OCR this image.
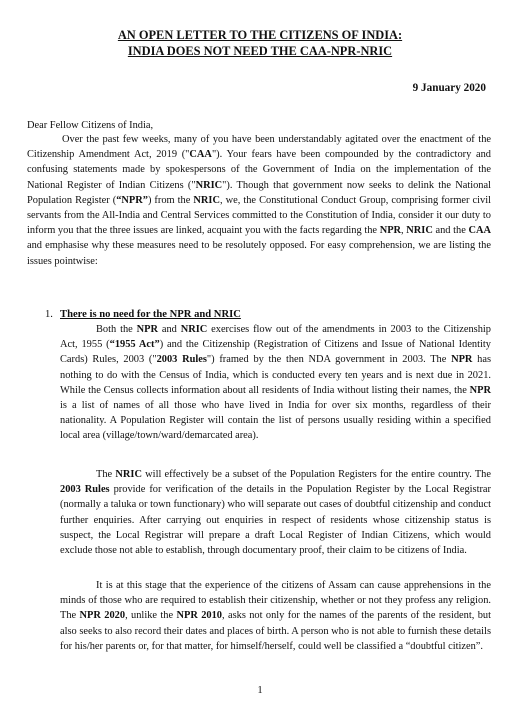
AN OPEN LETTER TO THE CITIZENS OF INDIA:
INDIA DOES NOT NEED THE CAA-NPR-NRIC
9 January 2020
Dear Fellow Citizens of India,

Over the past few weeks, many of you have been understandably agitated over the enactment of the Citizenship Amendment Act, 2019 ("CAA"). Your fears have been compounded by the contradictory and confusing statements made by spokespersons of the Government of India on the implementation of the National Register of Indian Citizens ("NRIC"). Though that government now seeks to delink the National Population Register (“NPR”) from the NRIC, we, the Constitutional Conduct Group, comprising former civil servants from the All-India and Central Services committed to the Constitution of India, consider it our duty to inform you that the three issues are linked, acquaint you with the facts regarding the NPR, NRIC and the CAA and emphasise why these measures need to be resolutely opposed. For easy comprehension, we are listing the issues pointwise:

1. There is no need for the NPR and NRIC

Both the NPR and NRIC exercises flow out of the amendments in 2003 to the Citizenship Act, 1955 (“1955 Act”) and the Citizenship (Registration of Citizens and Issue of National Identity Cards) Rules, 2003 ("2003 Rules") framed by the then NDA government in 2003. The NPR has nothing to do with the Census of India, which is conducted every ten years and is next due in 2021. While the Census collects information about all residents of India without listing their names, the NPR is a list of names of all those who have lived in India for over six months, regardless of their nationality. A Population Register will contain the list of persons usually residing within a specified local area (village/town/ward/demarcated area).

The NRIC will effectively be a subset of the Population Registers for the entire country. The 2003 Rules provide for verification of the details in the Population Register by the Local Registrar (normally a taluka or town functionary) who will separate out cases of doubtful citizenship and conduct further enquiries. After carrying out enquiries in respect of residents whose citizenship status is suspect, the Local Registrar will prepare a draft Local Register of Indian Citizens, which would exclude those not able to establish, through documentary proof, their claim to be citizens of India.

It is at this stage that the experience of the citizens of Assam can cause apprehensions in the minds of those who are required to establish their citizenship, whether or not they profess any religion. The NPR 2020, unlike the NPR 2010, asks not only for the names of the parents of the resident, but also seeks to also record their dates and places of birth. A person who is not able to furnish these details for his/her parents or, for that matter, for himself/herself, could well be classified a “doubtful citizen”.

1
